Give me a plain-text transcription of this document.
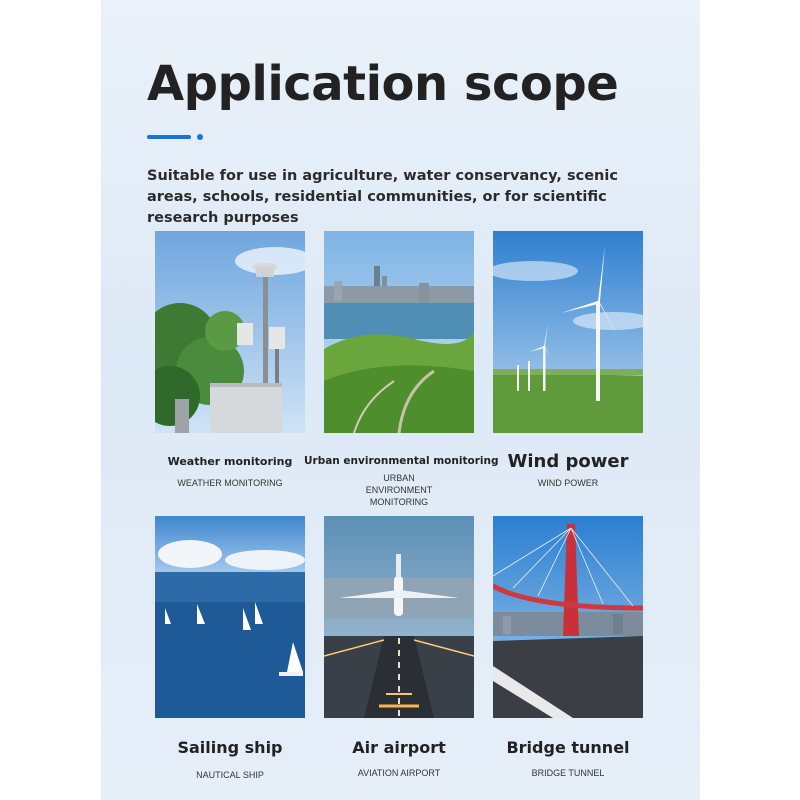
Application scope

Suitable for use in agriculture, water conservancy, scenic areas, schools, residential communities, or for scientific research purposes

Weather monitoring
WEATHER MONITORING
Urban environmental monitoring
URBAN ENVIRONMENT MONITORING
Wind power
WIND POWER
Sailing ship
NAUTICAL SHIP
Air airport
AVIATION AIRPORT
Bridge tunnel
BRIDGE TUNNEL
